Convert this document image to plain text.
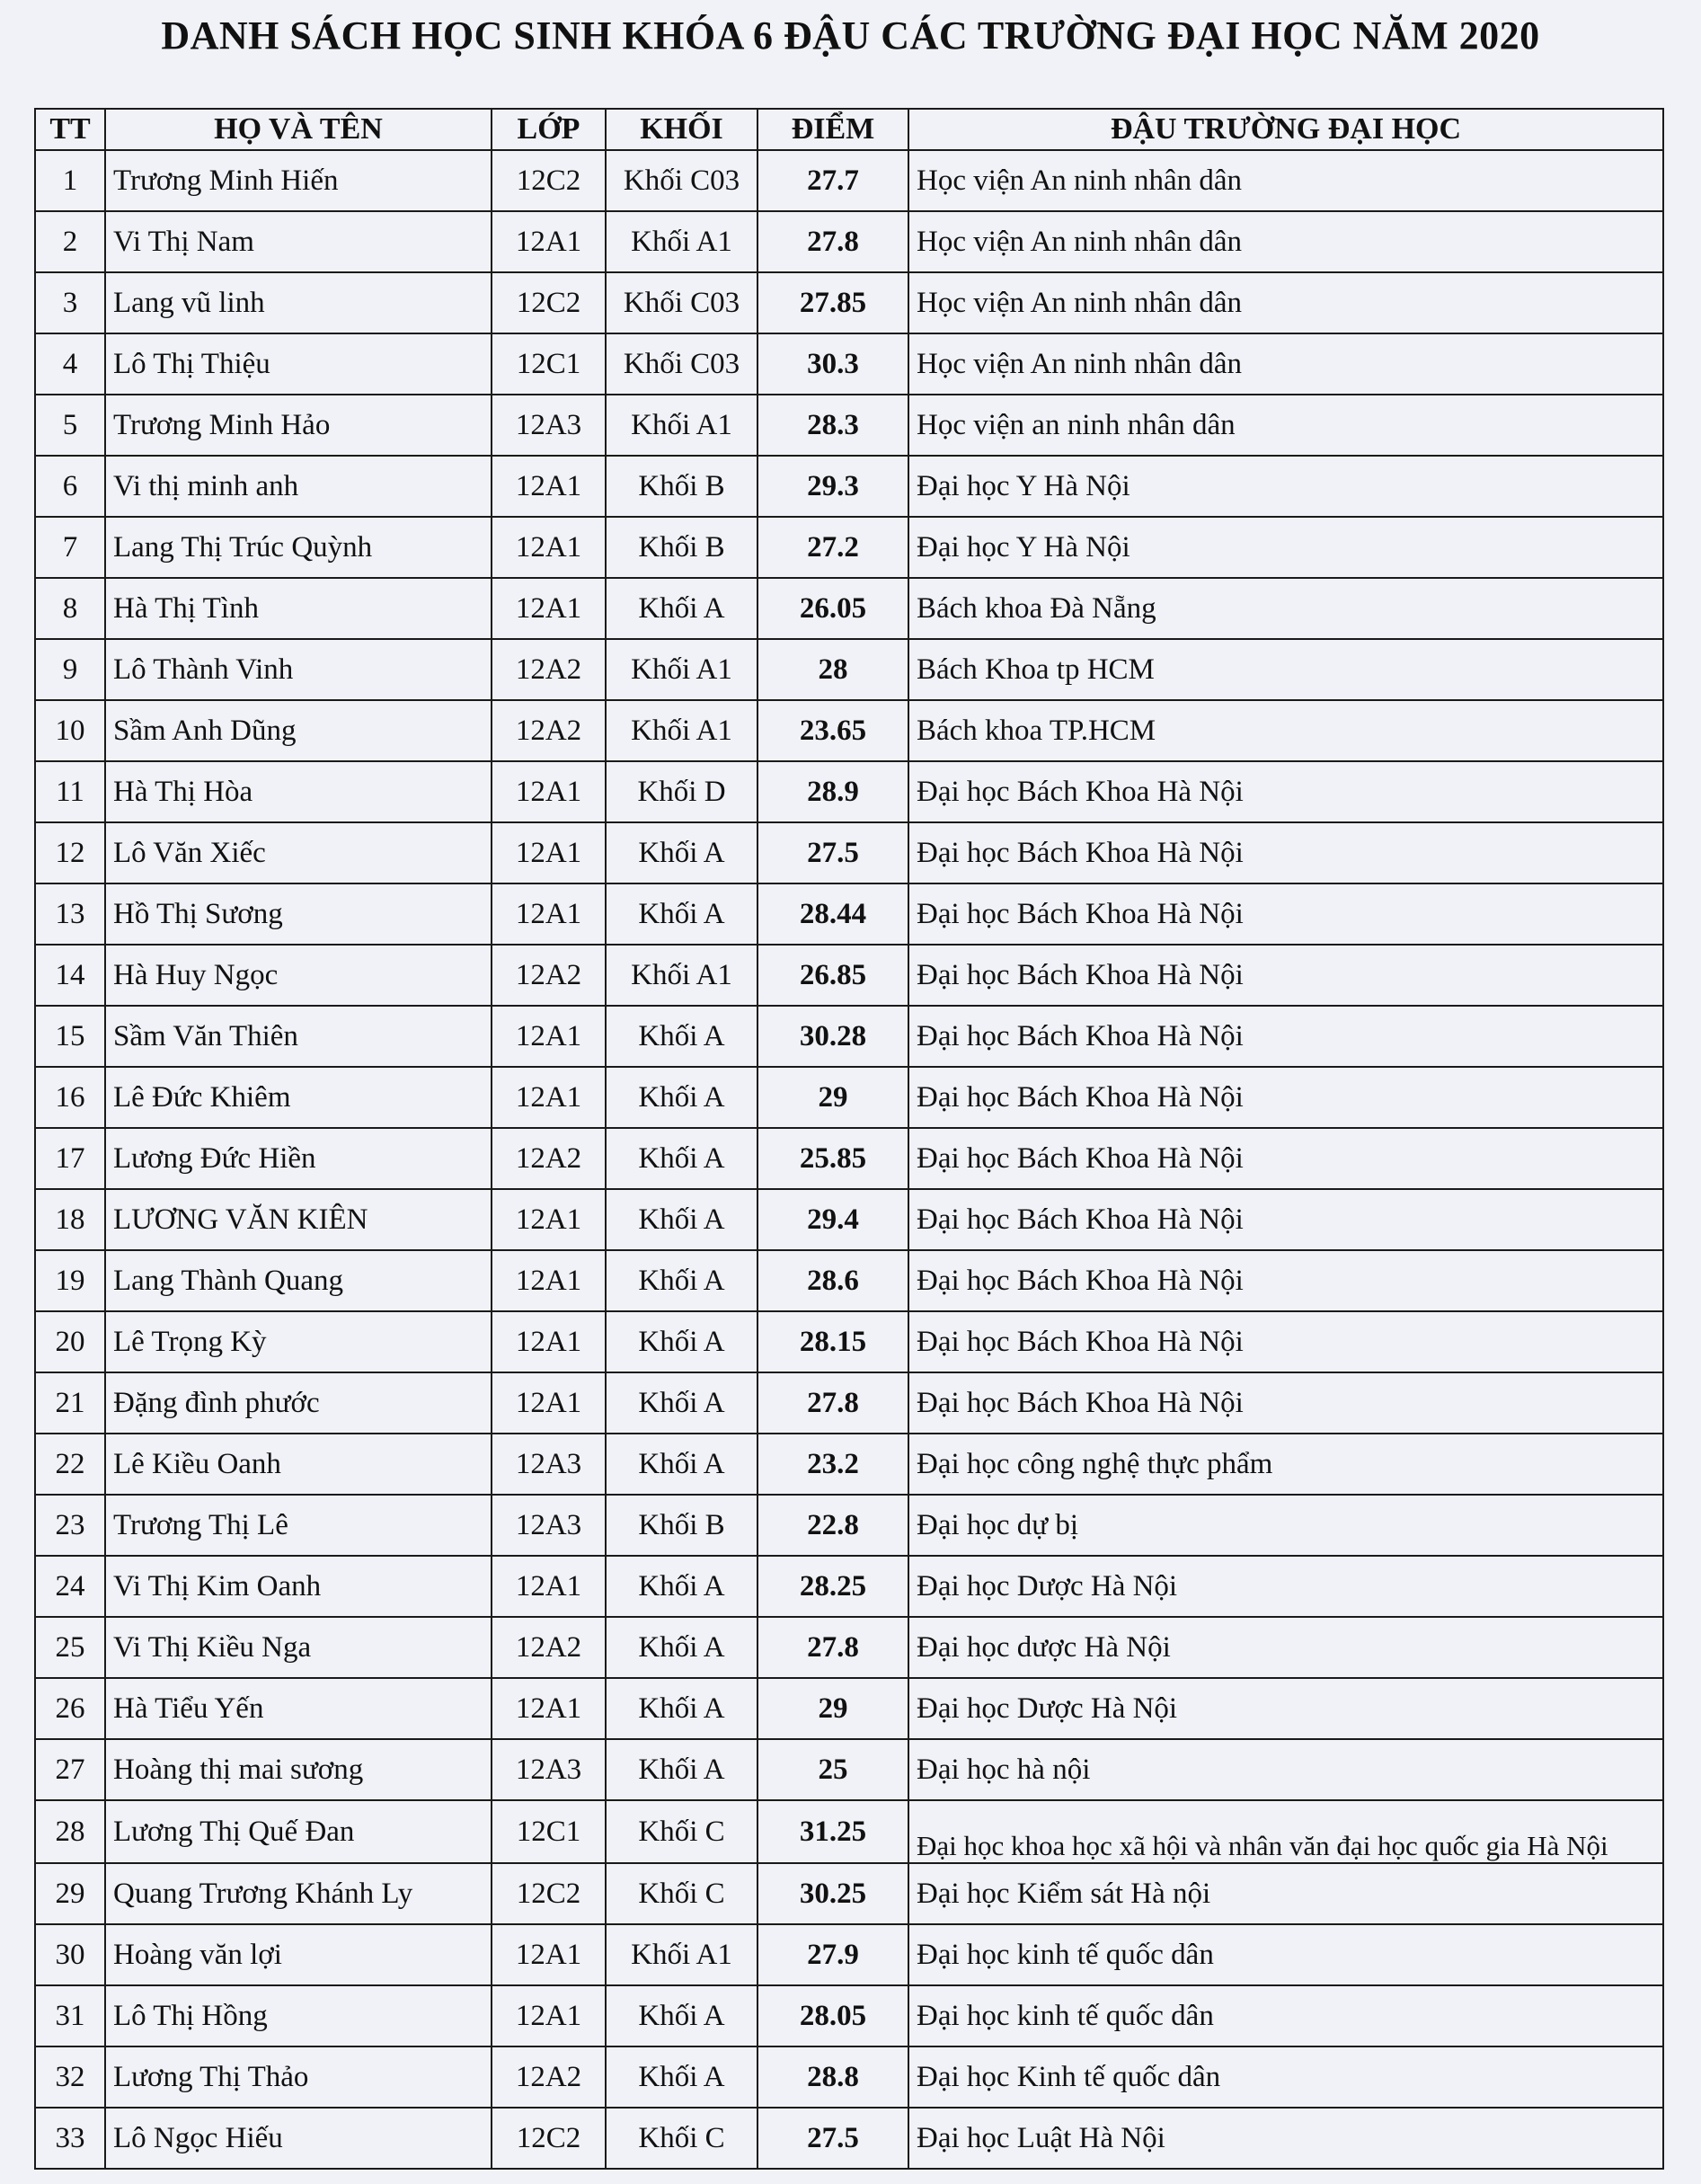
DANH SÁCH HỌC SINH KHÓA 6 ĐẬU CÁC TRƯỜNG ĐẠI HỌC NĂM 2020
TT	HỌ VÀ TÊN	LỚP	KHỐI	ĐIỂM	ĐẬU TRƯỜNG ĐẠI HỌC
1	Trương Minh Hiến	12C2	Khối C03	27.7	Học viện An ninh nhân dân
2	Vi Thị Nam	12A1	Khối A1	27.8	Học viện An ninh nhân dân
3	Lang vũ linh	12C2	Khối C03	27.85	Học viện An ninh nhân dân
4	Lô Thị Thiệu	12C1	Khối C03	30.3	Học viện An ninh nhân dân
5	Trương Minh Hảo	12A3	Khối A1	28.3	Học viện an ninh nhân dân
6	Vi thị minh anh	12A1	Khối B	29.3	Đại học Y Hà Nội
7	Lang Thị Trúc Quỳnh	12A1	Khối B	27.2	Đại học Y Hà Nội
8	Hà Thị Tình	12A1	Khối A	26.05	Bách khoa Đà Nẵng
9	Lô Thành Vinh	12A2	Khối A1	28	Bách Khoa tp HCM
10	Sầm Anh Dũng	12A2	Khối A1	23.65	Bách khoa TP.HCM
11	Hà Thị Hòa	12A1	Khối D	28.9	Đại học Bách Khoa Hà Nội
12	Lô Văn Xiếc	12A1	Khối A	27.5	Đại học Bách Khoa Hà Nội
13	Hồ Thị Sương	12A1	Khối A	28.44	Đại học Bách Khoa Hà Nội
14	Hà Huy Ngọc	12A2	Khối A1	26.85	Đại học Bách Khoa Hà Nội
15	Sầm Văn Thiên	12A1	Khối A	30.28	Đại học Bách Khoa Hà Nội
16	Lê Đức Khiêm	12A1	Khối A	29	Đại học Bách Khoa Hà Nội
17	Lương Đức Hiền	12A2	Khối A	25.85	Đại học Bách Khoa Hà Nội
18	LƯƠNG VĂN KIÊN	12A1	Khối A	29.4	Đại học Bách Khoa Hà Nội
19	Lang Thành Quang	12A1	Khối A	28.6	Đại học Bách Khoa Hà Nội
20	Lê Trọng Kỳ	12A1	Khối A	28.15	Đại học Bách Khoa Hà Nội
21	Đặng đình phước	12A1	Khối A	27.8	Đại học Bách Khoa Hà Nội
22	Lê Kiều Oanh	12A3	Khối A	23.2	Đại học công nghệ thực phẩm
23	Trương Thị Lê	12A3	Khối B	22.8	Đại học dự bị
24	Vi Thị Kim Oanh	12A1	Khối A	28.25	Đại học Dược Hà Nội
25	Vi Thị Kiều Nga	12A2	Khối A	27.8	Đại học dược Hà Nội
26	Hà Tiểu Yến	12A1	Khối A	29	Đại học Dược Hà Nội
27	Hoàng thị mai sương	12A3	Khối A	25	Đại học hà nội
28	Lương Thị Quế Đan	12C1	Khối C	31.25	Đại học khoa học xã hội và nhân văn đại học quốc gia Hà Nội
29	Quang Trương Khánh Ly	12C2	Khối C	30.25	Đại học Kiểm sát Hà nội
30	Hoàng văn lợi	12A1	Khối A1	27.9	Đại học kinh tế quốc dân
31	Lô Thị Hồng	12A1	Khối A	28.05	Đại học kinh tế quốc dân
32	Lương Thị Thảo	12A2	Khối A	28.8	Đại học Kinh tế quốc dân
33	Lô Ngọc Hiếu	12C2	Khối C	27.5	Đại học Luật Hà Nội
